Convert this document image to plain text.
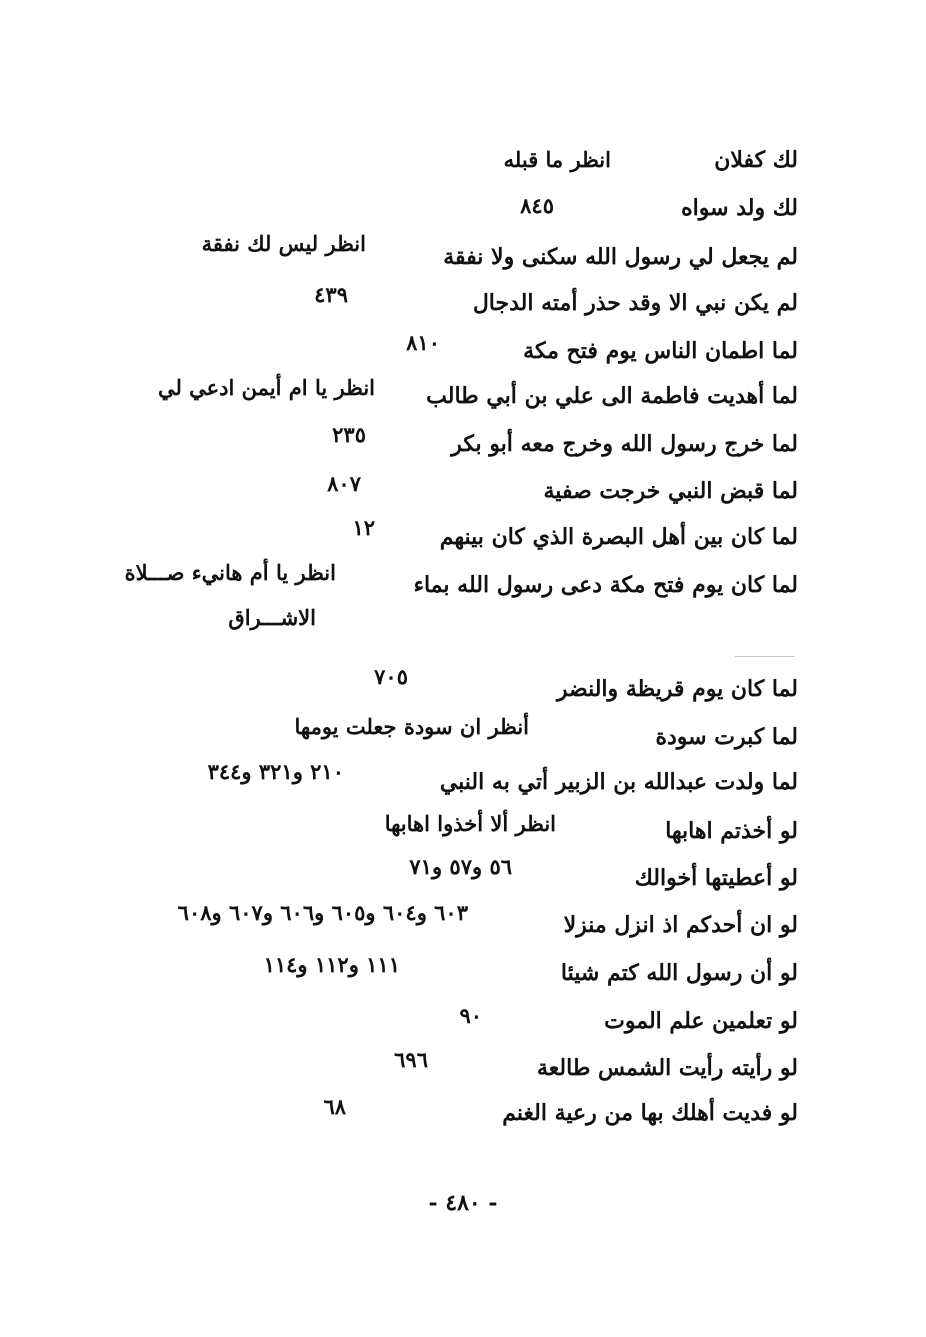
لك كفلان
انظر ما قبله
لك ولد سواه
٨٤٥
لم يجعل لي رسول الله سكنى ولا نفقة
انظر ليس لك نفقة
لم يكن نبي الا وقد حذر أمته الدجال
٤٣٩
لما اطمان الناس يوم فتح مكة
٨١٠
لما أهديت فاطمة الى علي بن أبي طالب
انظر يا ام أيمن ادعي لي
لما خرج رسول الله وخرج معه أبو بكر
٢٣٥
لما قبض النبي خرجت صفية
٨٠٧
لما كان بين أهل البصرة الذي كان بينهم
١٢
لما كان يوم فتح مكة دعى رسول الله بماء
انظر يا أم هانيء صـــلاة
الاشـــراق
لما كان يوم قريظة والنضر
٧٠٥
لما كبرت سودة
أنظر ان سودة جعلت يومها
لما ولدت عبدالله بن الزبير أتي به النبي
٢١٠ و٣٢١ و٣٤٤
لو أخذتم اهابها
انظر ألا أخذوا اهابها
لو أعطيتها أخوالك
٥٦ و٥٧ و٧١
لو ان أحدكم اذ انزل منزلا
٦٠٣ و٦٠٤ و٦٠٥ و٦٠٦ و٦٠٧ و٦٠٨
لو أن رسول الله كتم شيئا
١١١ و١١٢ و١١٤
لو تعلمين علم الموت
٩٠
لو رأيته رأيت الشمس طالعة
٦٩٦
لو فديت أهلك بها من رعية الغنم
٦٨
- ٤٨٠ -
